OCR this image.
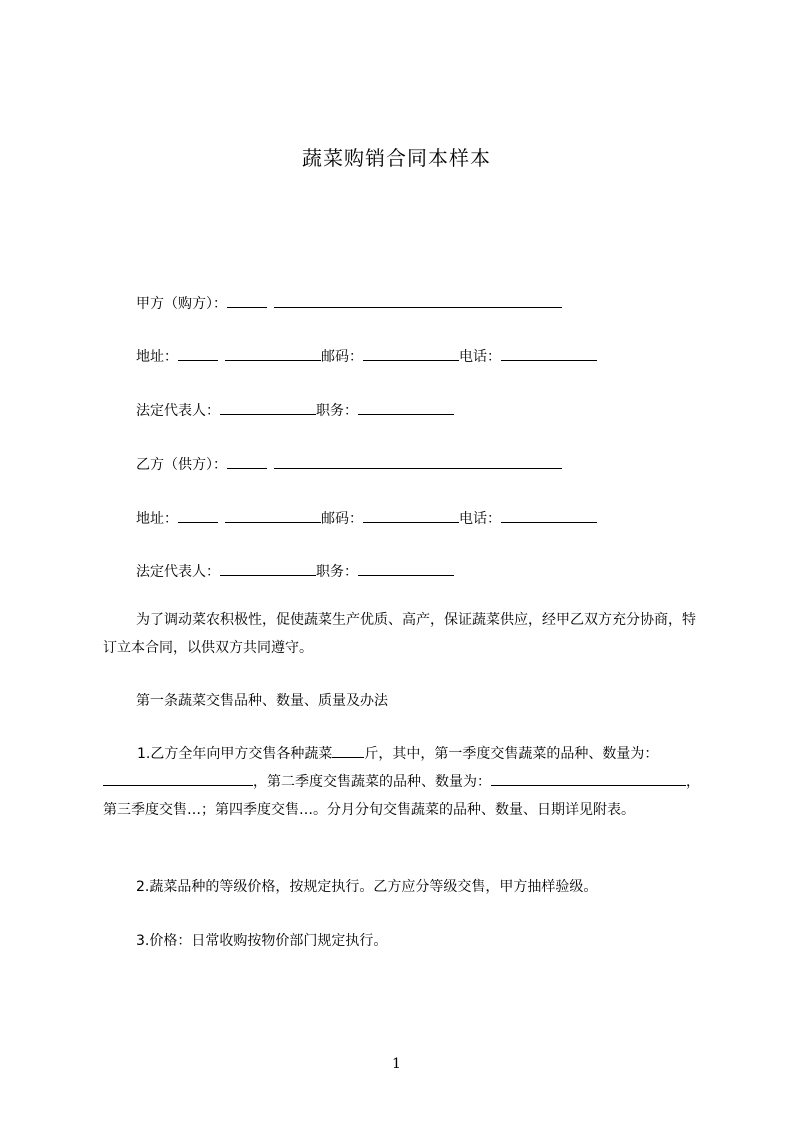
蔬菜购销合同本样本
甲方（购方）：
地址：	邮码：	电话：
法定代表人：	职务：
乙方（供方）：
地址：	邮码：	电话：
法定代表人：	职务：
为了调动菜农积极性，促使蔬菜生产优质、高产，保证蔬菜供应，经甲乙双方充分协商，特订立本合同，以供双方共同遵守。
第一条蔬菜交售品种、数量、质量及办法
1.乙方全年向甲方交售各种蔬菜 斤，其中，第一季度交售蔬菜的品种、数量为：，第二季度交售蔬菜的品种、数量为：	，第三季度交售…；第四季度交售…。分月分旬交售蔬菜的品种、数量、日期详见附表。
2.蔬菜品种的等级价格，按规定执行。乙方应分等级交售，甲方抽样验级。
3.价格：日常收购按物价部门规定执行。
1
